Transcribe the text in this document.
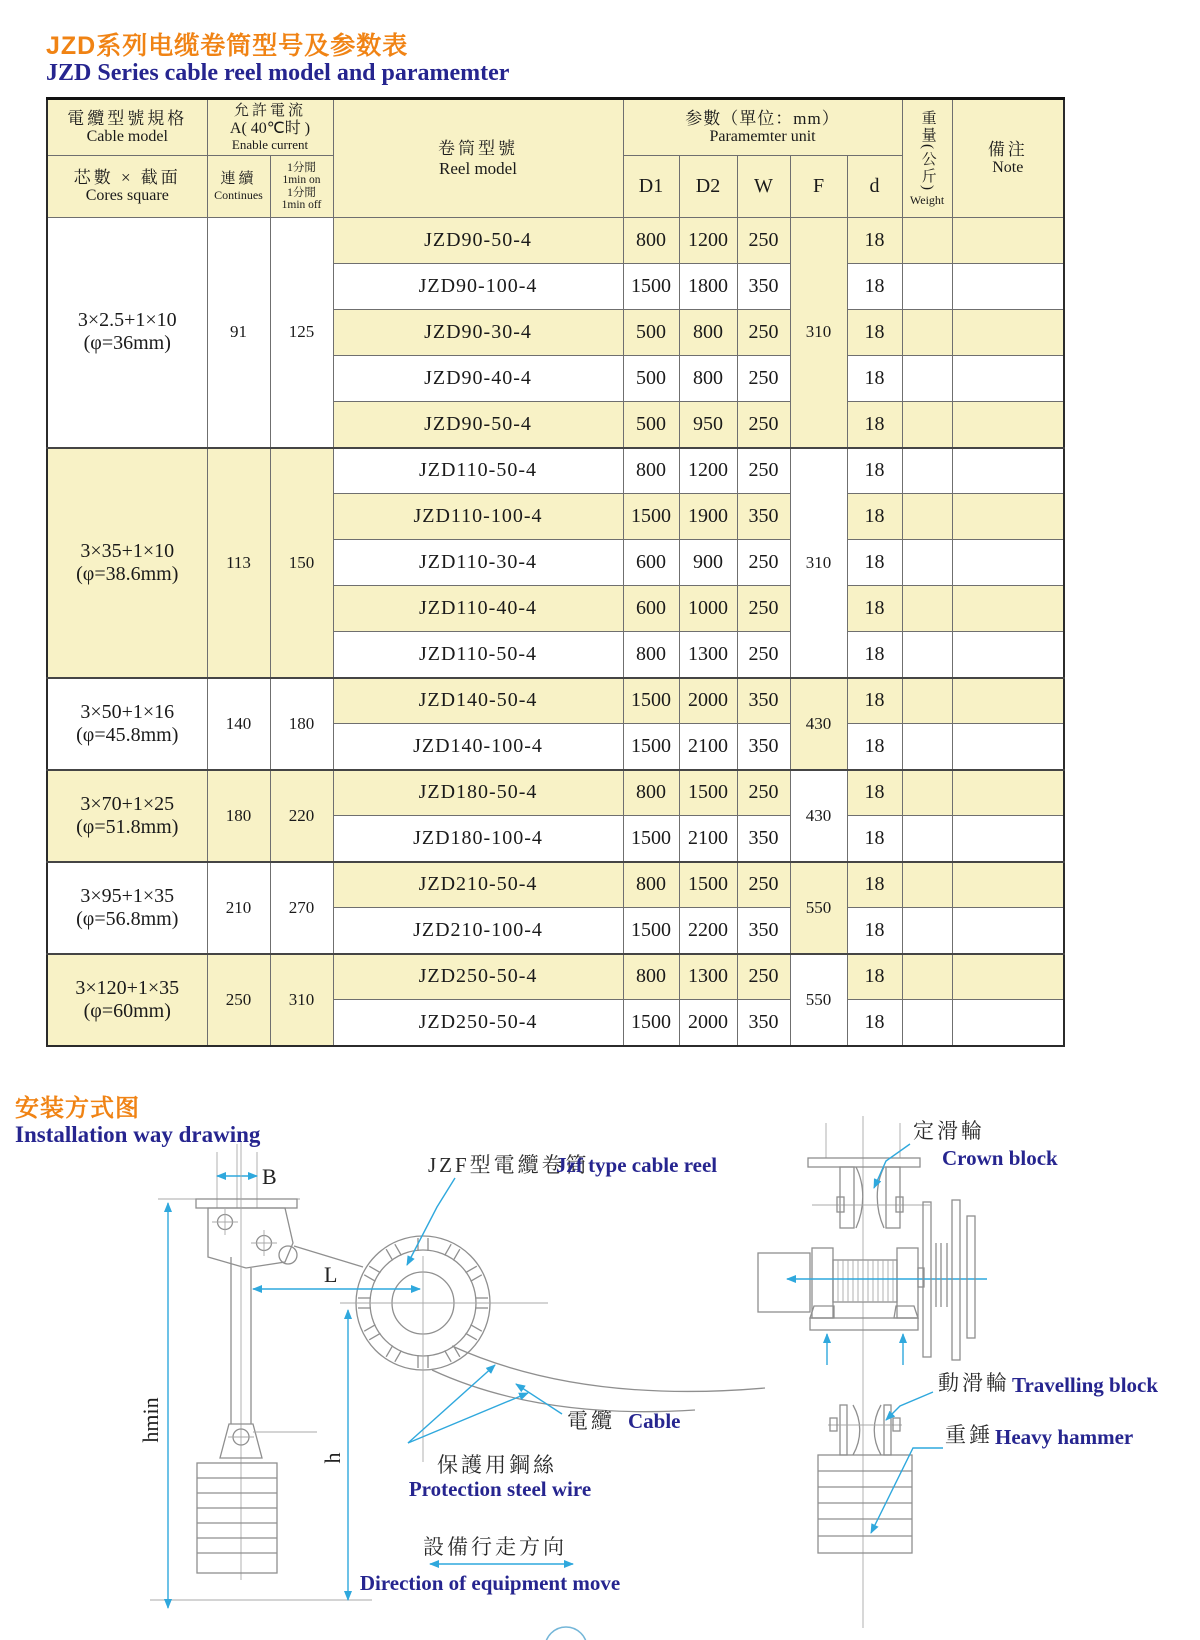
JZD系列电缆卷筒型号及参数表
JZD Series cable reel model and paramemter
電纜型號規格
Cable model

允許電流
A( 40℃时 )
Enable current	卷筒型號
Reel model

参數（單位：mm）
Paramemter unit	重量(公斤)
Weight

備注
Note

芯數 × 截面
Cores square

連續
Continues

1分閒
1min on
1分閒
1min off
	D1	D2	W	F	d

3×2.5+1×10
(φ=36mm)	91	125	JZD90-50-4	800	1200	250	310	18		
			JZD90-100-4	1500	1800	350		18		
			JZD90-30-4	500	800	250		18		
			JZD90-40-4	500	800	250		18		
			JZD90-50-4	500	950	250		18		

3×35+1×10
(φ=38.6mm)	113	150	JZD110-50-4	800	1200	250	310	18		
			JZD110-100-4	1500	1900	350		18		
			JZD110-30-4	600	900	250		18		
			JZD110-40-4	600	1000	250		18		
			JZD110-50-4	800	1300	250		18		

3×50+1×16
(φ=45.8mm)	140	180	JZD140-50-4	1500	2000	350	430	18		
			JZD140-100-4	1500	2100	350		18		

3×70+1×25
(φ=51.8mm)	180	220	JZD180-50-4	800	1500	250	430	18		
			JZD180-100-4	1500	2100	350		18		

3×95+1×35
(φ=56.8mm)	210	270	JZD210-50-4	800	1500	250	550	18		
			JZD210-100-4	1500	2200	350		18		

3×120+1×35
(φ=60mm)	250	310	JZD250-50-4	800	1300	250	550	18		
			JZD250-50-4	1500	2000	350		18		
安装方式图
Installation way drawing
B
L
h
hmin
JZF型電纜卷筒
Jzf type cable reel
電纜 Cable
保護用鋼絲
Protection steel wire
設備行走方向
Direction of equipment move
定滑輪
Crown block
動滑輪 Travelling block
重錘 Heavy hammer
